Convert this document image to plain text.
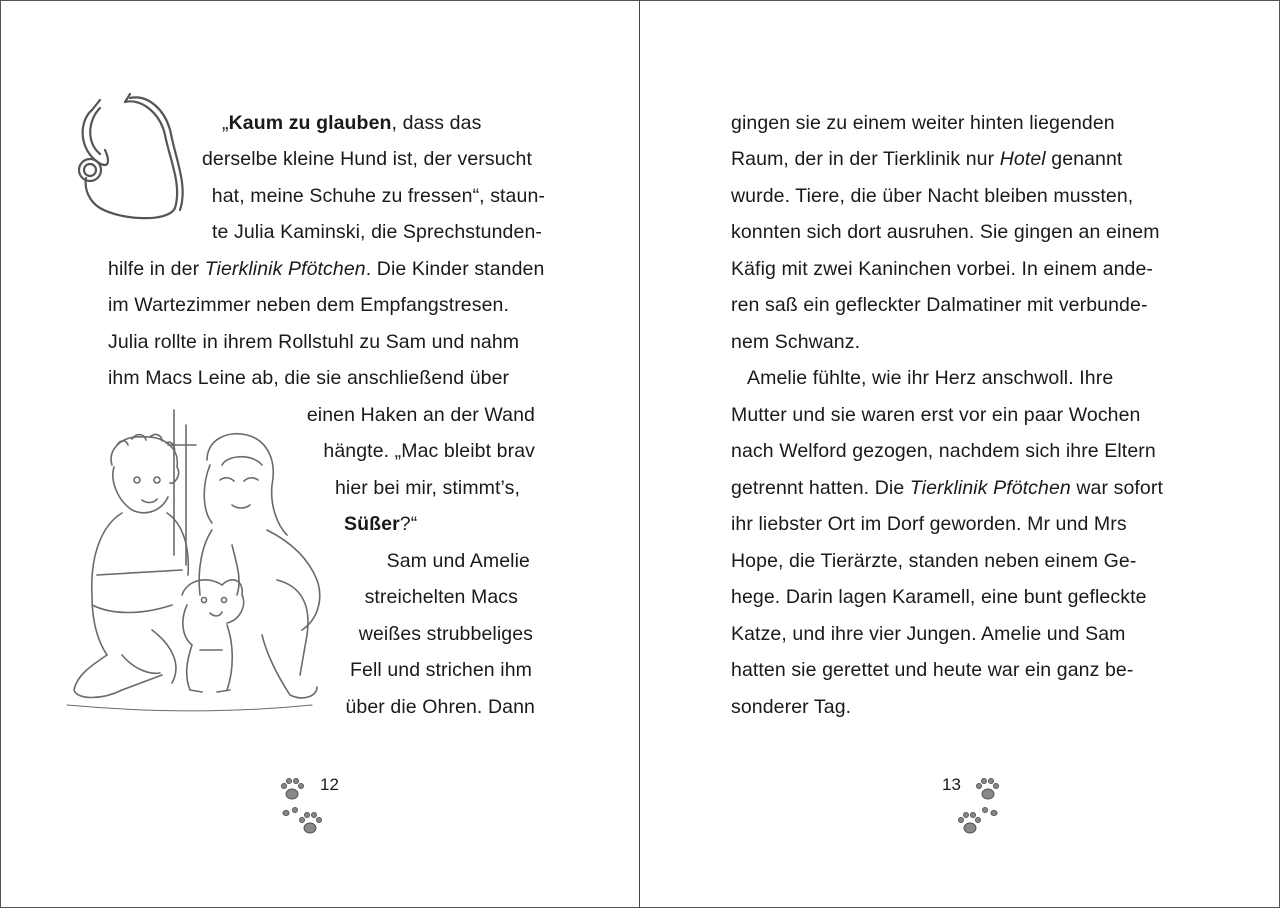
„Kaum zu glauben, dass das
derselbe kleine Hund ist, der versucht
hat, meine Schuhe zu fressen“, staun-
te Julia Kaminski, die Sprechstunden-
hilfe in der Tierklinik Pfötchen. Die Kinder standen
im Wartezimmer neben dem Empfangstresen.
Julia rollte in ihrem Rollstuhl zu Sam und nahm
ihm Macs Leine ab, die sie anschließend über
einen Haken an der Wand
hängte. „Mac bleibt brav
hier bei mir, stimmt’s,
Süßer?“
Sam und Amelie
streichelten Macs
weißes strubbeliges
Fell und strichen ihm
über die Ohren. Dann
gingen sie zu einem weiter hinten liegenden
Raum, der in der Tierklinik nur Hotel genannt
wurde. Tiere, die über Nacht bleiben mussten,
konnten sich dort ausruhen. Sie gingen an einem
Käfig mit zwei Kaninchen vorbei. In einem ande-
ren saß ein gefleckter Dalmatiner mit verbunde-
nem Schwanz.
Amelie fühlte, wie ihr Herz anschwoll. Ihre
Mutter und sie waren erst vor ein paar Wochen
nach Welford gezogen, nachdem sich ihre Eltern
getrennt hatten. Die Tierklinik Pfötchen war sofort
ihr liebster Ort im Dorf geworden. Mr und Mrs
Hope, die Tierärzte, standen neben einem Ge-
hege. Darin lagen Karamell, eine bunt gefleckte
Katze, und ihre vier Jungen. Amelie und Sam
hatten sie gerettet und heute war ein ganz be-
sonderer Tag.
12	13
